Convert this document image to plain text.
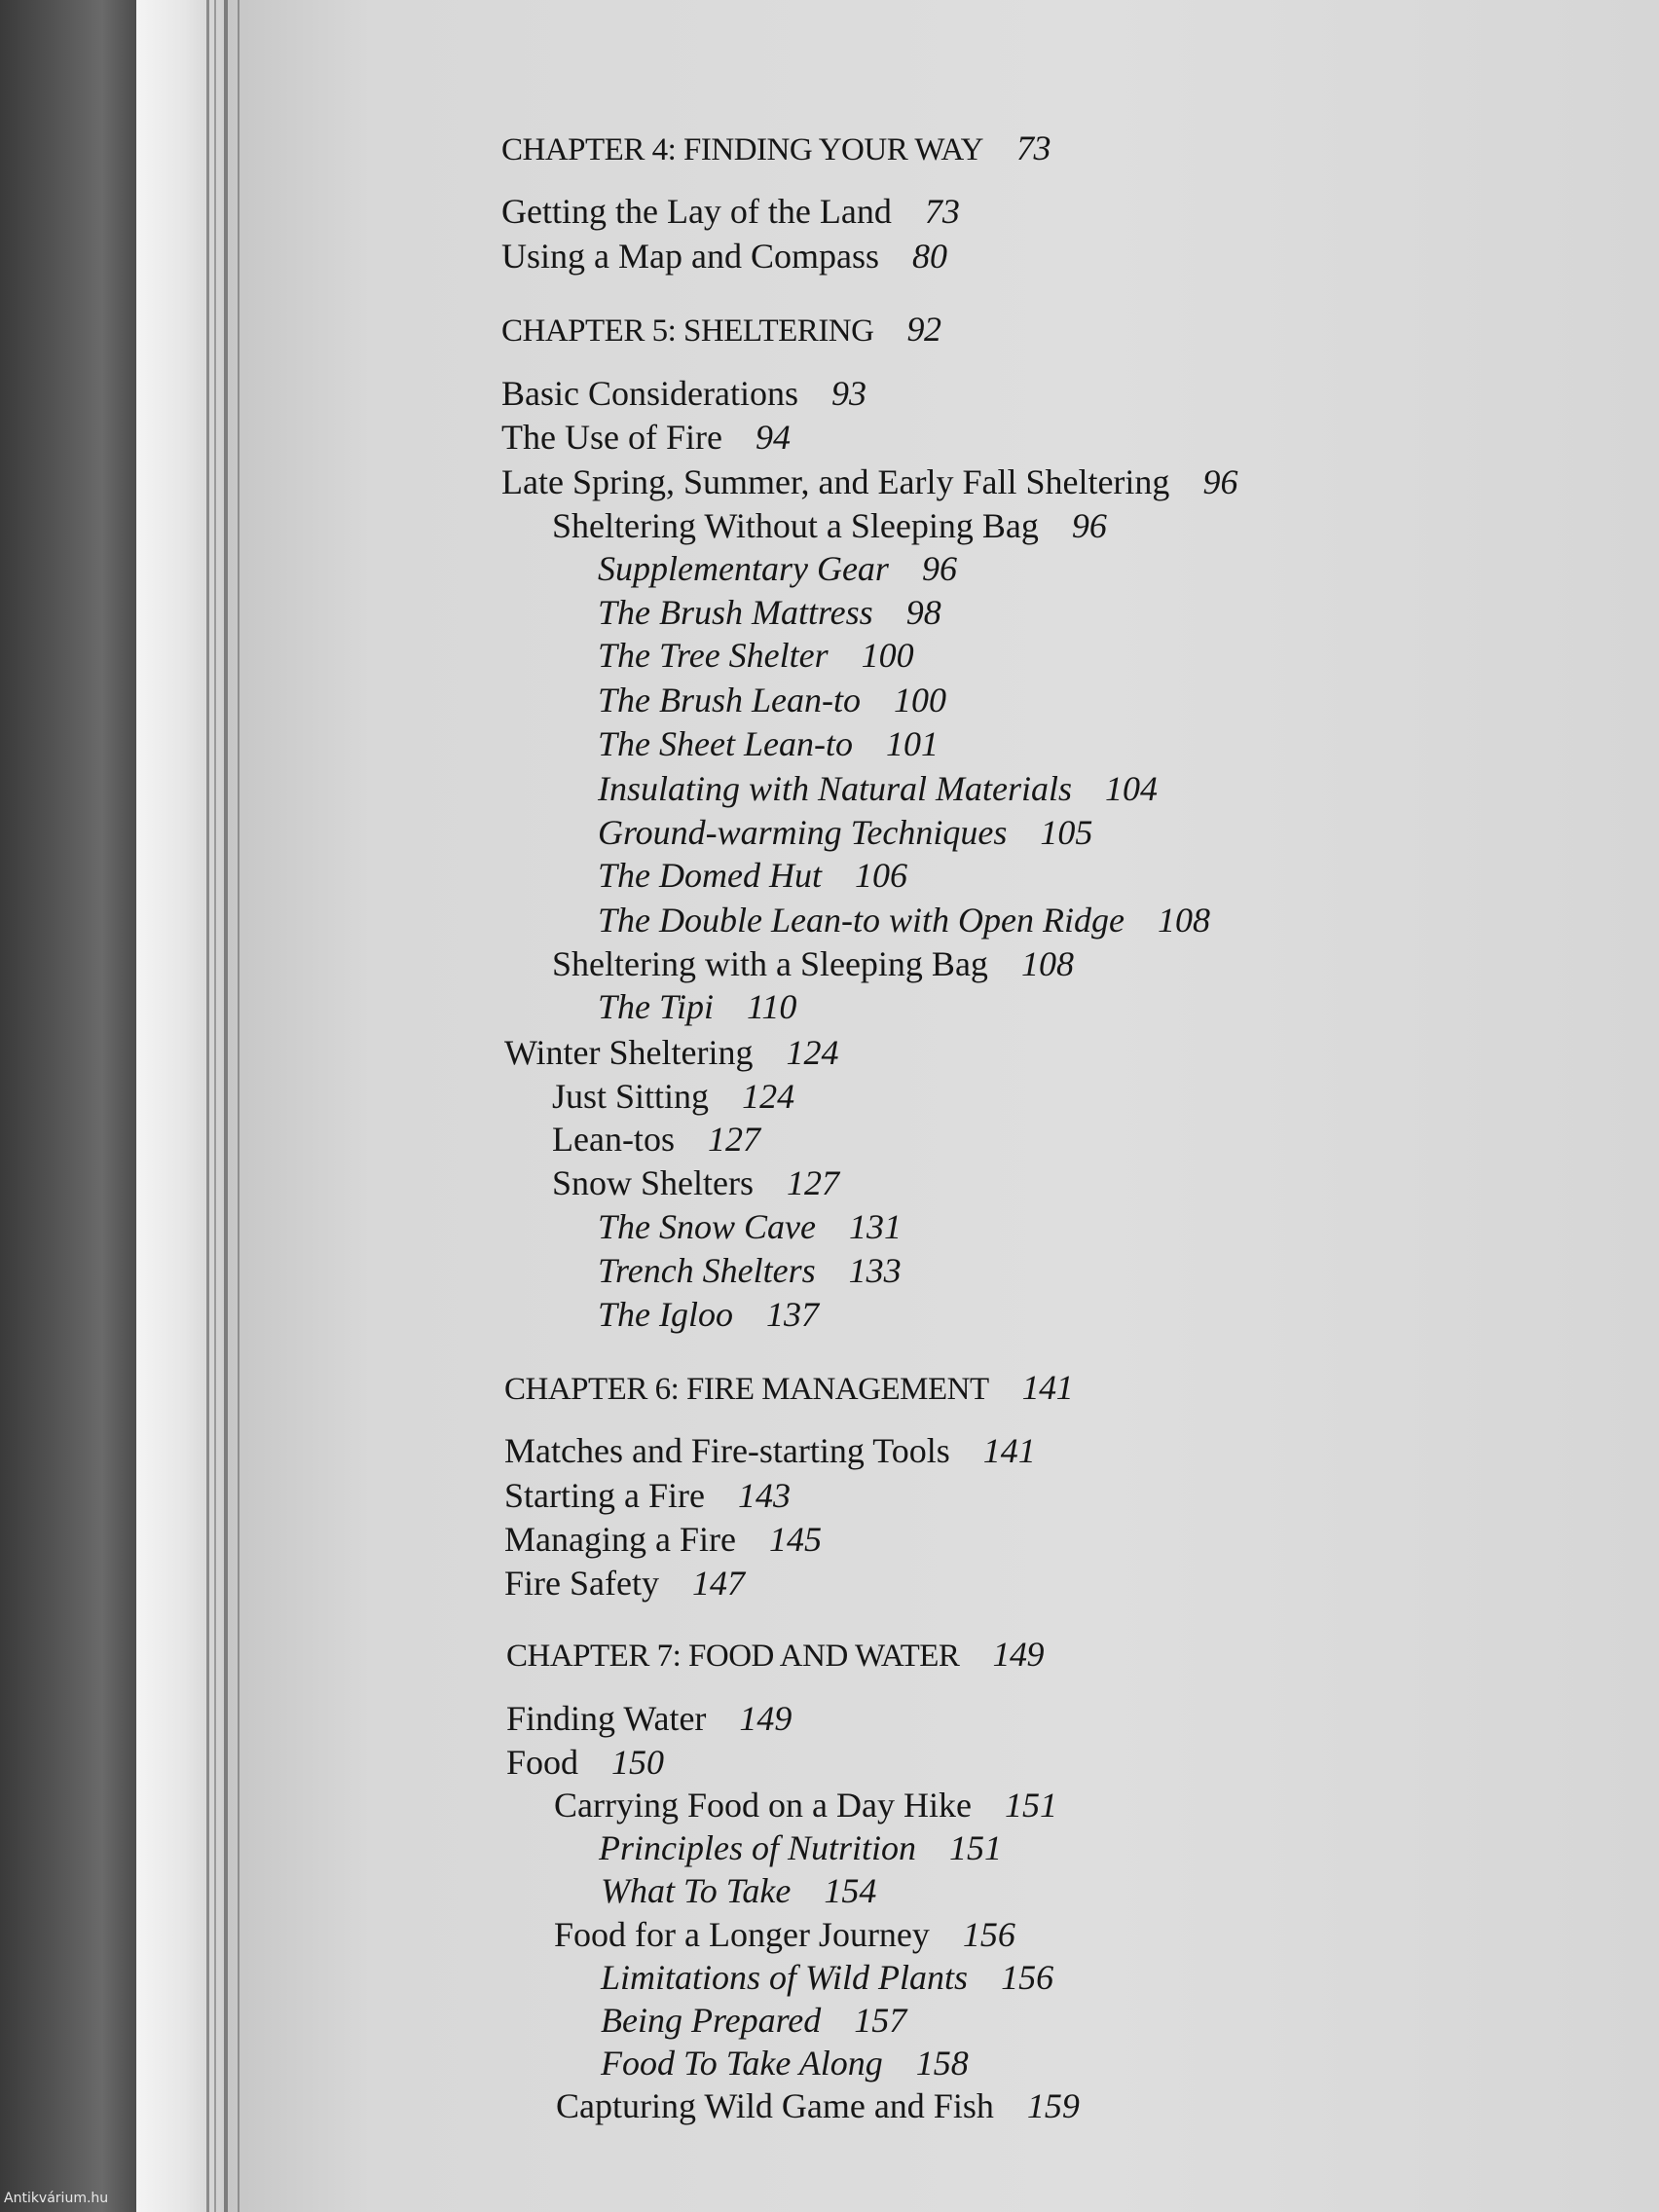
Antikvárium.hu
CHAPTER 4: FINDING YOUR WAY 73
Getting the Lay of the Land 73
Using a Map and Compass 80
CHAPTER 5: SHELTERING 92
Basic Considerations 93
The Use of Fire 94
Late Spring, Summer, and Early Fall Sheltering 96
Sheltering Without a Sleeping Bag 96
Supplementary Gear 96
The Brush Mattress 98
The Tree Shelter 100
The Brush Lean-to 100
The Sheet Lean-to 101
Insulating with Natural Materials 104
Ground-warming Techniques 105
The Domed Hut 106
The Double Lean-to with Open Ridge 108
Sheltering with a Sleeping Bag 108
The Tipi 110
Winter Sheltering 124
Just Sitting 124
Lean-tos 127
Snow Shelters 127
The Snow Cave 131
Trench Shelters 133
The Igloo 137
CHAPTER 6: FIRE MANAGEMENT 141
Matches and Fire-starting Tools 141
Starting a Fire 143
Managing a Fire 145
Fire Safety 147
CHAPTER 7: FOOD AND WATER 149
Finding Water 149
Food 150
Carrying Food on a Day Hike 151
Principles of Nutrition 151
What To Take 154
Food for a Longer Journey 156
Limitations of Wild Plants 156
Being Prepared 157
Food To Take Along 158
Capturing Wild Game and Fish 159
